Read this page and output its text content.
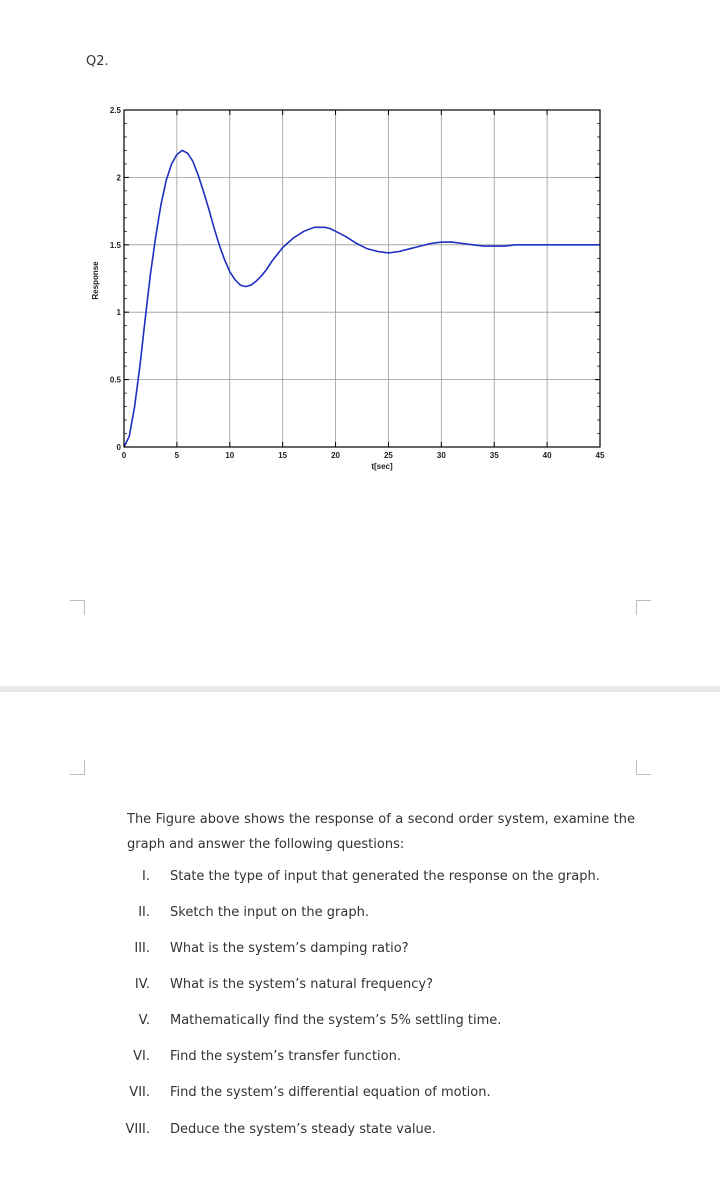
Q2.
0	5	10	15	20	25	30	35	40	45
0
0.5
1
1.5
2
2.5
t[sec]
Response
The Figure above shows the response of a second order system, examine the graph and answer the following questions:
I. State the type of input that generated the response on the graph.
II. Sketch the input on the graph.
III. What is the system’s damping ratio?
IV. What is the system’s natural frequency?
V. Mathematically find the system’s 5% settling time.
VI. Find the system’s transfer function.
VII. Find the system’s differential equation of motion.
VIII. Deduce the system’s steady state value.
